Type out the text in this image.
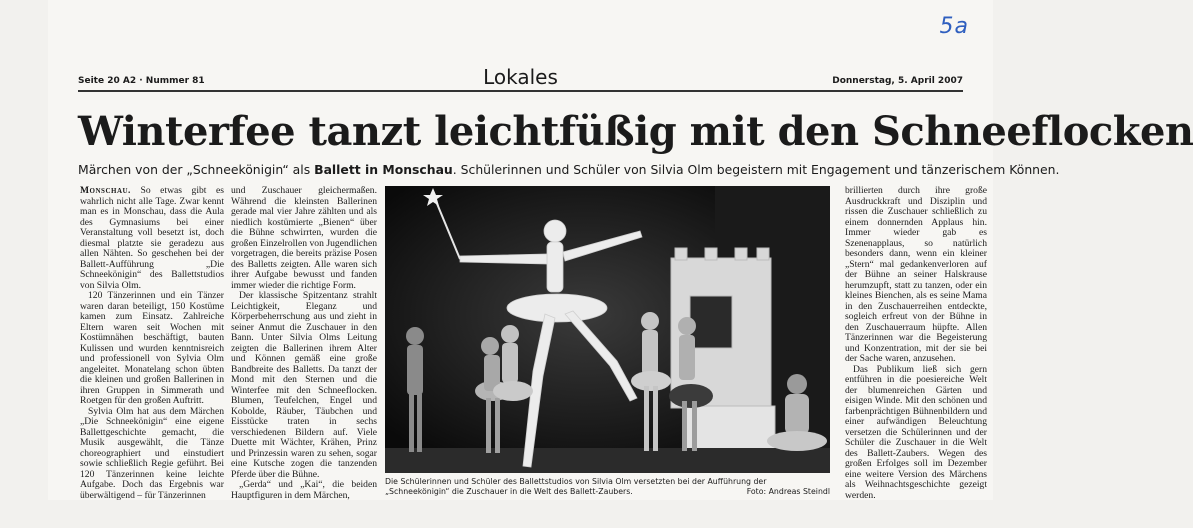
5a
Seite 20 A2 · Nummer 81	Lokales	Donnerstag, 5. April 2007
Winterfee tanzt leichtfüßig mit den Schneeflocken
Märchen von der „Schneekönigin“ als Ballett in Monschau. Schülerinnen und Schüler von Silvia Olm begeistern mit Engagement und tänzerischem Können.

Monschau. So etwas gibt es wahrlich nicht alle Tage. Zwar kennt man es in Monschau, dass die Aula des Gymnasiums bei einer Veranstaltung voll besetzt ist, doch diesmal platzte sie geradezu aus allen Nähten. So geschehen bei der Ballett-Aufführung „Die Schneekönigin“ des Ballettstudios von Silvia Olm.

120 Tänzerinnen und ein Tänzer waren daran beteiligt, 150 Kostüme kamen zum Einsatz. Zahlreiche Eltern waren seit Wochen mit Kostümnähen beschäftigt, bauten Kulissen und wurden kenntnisreich und professionell von Sylvia Olm angeleitet. Monatelang schon übten die kleinen und großen Ballerinen in ihren Gruppen in Simmerath und Roetgen für den großen Auftritt.

Sylvia Olm hat aus dem Märchen „Die Schneekönigin“ eine eigene Ballettgeschichte gemacht, die Musik ausgewählt, die Tänze choreographiert und einstudiert sowie schließlich Regie geführt. Bei 120 Tänzerinnen keine leichte Aufgabe. Doch das Ergebnis war überwältigend – für Tänzerinnen

und Zuschauer gleichermaßen. Während die kleinsten Ballerinen gerade mal vier Jahre zählten und als niedlich kostümierte „Bienen“ über die Bühne schwirrten, wurden die großen Einzelrollen von Jugendlichen vorgetragen, die bereits präzise Posen des Balletts zeigten. Alle waren sich ihrer Aufgabe bewusst und fanden immer wieder die richtige Form.

Der klassische Spitzentanz strahlt Leichtigkeit, Eleganz und Körperbeherrschung aus und zieht in seiner Anmut die Zuschauer in den Bann. Unter Silvia Olms Leitung zeigten die Ballerinen ihrem Alter und Können gemäß eine große Bandbreite des Balletts. Da tanzt der Mond mit den Sternen und die Winterfee mit den Schneeflocken. Blumen, Teufelchen, Engel und Kobolde, Räuber, Täubchen und Eisstücke traten in sechs verschiedenen Bildern auf. Viele Duette mit Wächter, Krähen, Prinz und Prinzessin waren zu sehen, sogar eine Kutsche zogen die tanzenden Pferde über die Bühne.

„Gerda“ und „Kai“, die beiden Hauptfiguren in dem Märchen,

Die Schülerinnen und Schüler des Ballettstudios von Silvia Olm versetzten bei der Aufführung der „Schneekönigin“ die Zuschauer in die Welt des Ballett-Zaubers.	Foto: Andreas Steindl

brillierten durch ihre große Ausdruckkraft und Disziplin und rissen die Zuschauer schließlich zu einem donnernden Applaus hin. Immer wieder gab es Szenenapplaus, so natürlich besonders dann, wenn ein kleiner „Stern“ mal gedankenverloren auf der Bühne an seiner Halskrause herumzupft, statt zu tanzen, oder ein kleines Bienchen, als es seine Mama in den Zuschauerreihen entdeckte, sogleich erfreut von der Bühne in den Zuschauerraum hüpfte. Allen Tänzerinnen war die Begeisterung und Konzentration, mit der sie bei der Sache waren, anzusehen.

Das Publikum ließ sich gern entführen in die poesiereiche Welt der blumenreichen Gärten und eisigen Winde. Mit den schönen und farbenprächtigen Bühnenbildern und einer aufwändigen Beleuchtung versetzen die Schülerinnen und der Schüler die Zuschauer in die Welt des Ballett-Zaubers. Wegen des großen Erfolges soll im Dezember eine weitere Version des Märchens als Weihnachtsgeschichte gezeigt werden.
